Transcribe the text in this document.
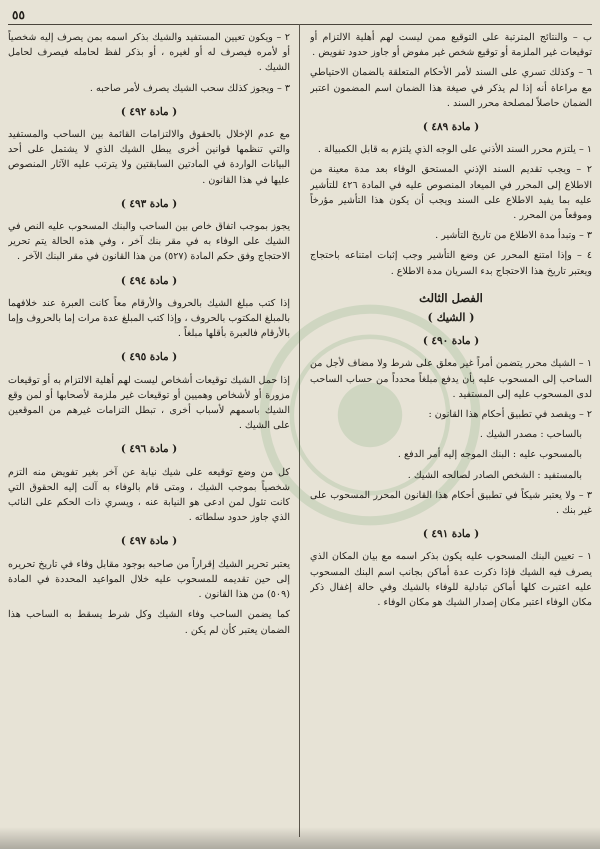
٥٥

ب – والنتائج المترتبة على التوقيع ممن ليست لهم أهلية الالتزام أو توقيعات غير الملزمة أو توقيع شخص غير مفوض أو جاوز حدود تفويض .

٦ – وكذلك تسري على السند لأمر الأحكام المتعلقة بالضمان الاحتياطي مع مراعاة أنه إذا لم يذكر في صيغة هذا الضمان اسم المضمون اعتبر الضمان حاصلاً لمصلحة محرر السند .

( مادة ٤٨٩ )

١ – يلتزم محرر السند الأذني على الوجه الذي يلتزم به قابل الكمبيالة .

٢ – ويجب تقديم السند الإذني المستحق الوفاء بعد مدة معينة من الاطلاع إلى المحرر في الميعاد المنصوص عليه في المادة ٤٢٦ للتأشير عليه بما يفيد الاطلاع على السند ويجب أن يكون هذا التأشير مؤرخاً وموقعاً من المحرر .

٣ – وتبدأ مدة الاطلاع من تاريخ التأشير .

٤ – وإذا امتنع المحرر عن وضع التأشير وجب إثبات امتناعه باحتجاج ويعتبر تاريخ هذا الاحتجاج بدء السريان مدة الاطلاع .

الفصل الثالث
( الشيك )
( مادة ٤٩٠ )

١ – الشيك محرر يتضمن أمراً غير معلق على شرط ولا مضاف لأجل من الساحب إلى المسحوب عليه بأن يدفع مبلغاً محدداً من حساب الساحب لدى المسحوب عليه إلى المستفيد .

٢ – ويقصد في تطبيق أحكام هذا القانون :

بالساحب : مصدر الشيك .

بالمسحوب عليه : البنك الموجه إليه أمر الدفع .

بالمستفيد : الشخص الصادر لصالحه الشيك .

٣ – ولا يعتبر شيكاً في تطبيق أحكام هذا القانون المحرر المسحوب على غير بنك .

( مادة ٤٩١ )

١ – تعيين البنك المسحوب عليه يكون بذكر اسمه مع بيان المكان الذي يصرف فيه الشيك فإذا ذكرت عدة أماكن بجانب اسم البنك المسحوب عليه اعتبرت كلها أماكن تبادلية للوفاء بالشيك وفي حالة إغفال ذكر مكان الوفاء اعتبر مكان إصدار الشيك هو مكان الوفاء .

٢ – ويكون تعيين المستفيد والشيك بذكر اسمه بمن يصرف إليه شخصياً أو لأمره فيصرف له أو لغيره ، أو بذكر لفظ لحامله فيصرف لحامل الشيك .

٣ – ويجوز كذلك سحب الشيك يصرف لأمر صاحبه .

( مادة ٤٩٢ )

مع عدم الإخلال بالحقوق والالتزامات القائمة بين الساحب والمستفيد والتي تنظمها قوانين أخرى يبطل الشيك الذي لا يشتمل على أحد البيانات الواردة في المادتين السابقتين ولا يترتب عليه الآثار المنصوص عليها في هذا القانون .

( مادة ٤٩٣ )

يجوز بموجب اتفاق خاص بين الساحب والبنك المسحوب عليه النص في الشيك على الوفاء به في مقر بنك آخر ، وفي هذه الحالة يتم تحرير الاحتجاج وفق حكم المادة (٥٢٧) من هذا القانون في مقر البنك الآخر .

( مادة ٤٩٤ )

إذا كتب مبلغ الشيك بالحروف والأرقام معاً كانت العبرة عند خلافهما بالمبلغ المكتوب بالحروف ، وإذا كتب المبلغ عدة مرات إما بالحروف وإما بالأرقام فالعبرة بأقلها مبلغاً .

( مادة ٤٩٥ )

إذا حمل الشيك توقيعات أشخاص ليست لهم أهلية الالتزام به أو توقيعات مزورة أو لأشخاص وهميين أو توقيعات غير ملزمة لأصحابها أو لمن وقع الشيك باسمهم لأسباب أخرى ، تبطل التزامات غيرهم من الموقعين على الشيك .

( مادة ٤٩٦ )

كل من وضع توقيعه على شيك نيابة عن آخر بغير تفويض منه التزم شخصياً بموجب الشيك ، ومتى قام بالوفاء به آلت إليه الحقوق التي كانت تئول لمن ادعى هو النيابة عنه ، ويسري ذات الحكم على النائب الذي جاوز حدود سلطاته .

( مادة ٤٩٧ )

يعتبر تحرير الشيك إقراراً من صاحبه بوجود مقابل وفاء في تاريخ تحريره إلى حين تقديمه للمسحوب عليه خلال المواعيد المحددة في المادة (٥٠٩) من هذا القانون .

كما يضمن الساحب وفاء الشيك وكل شرط يسقط به الساحب هذا الضمان يعتبر كأن لم يكن .
